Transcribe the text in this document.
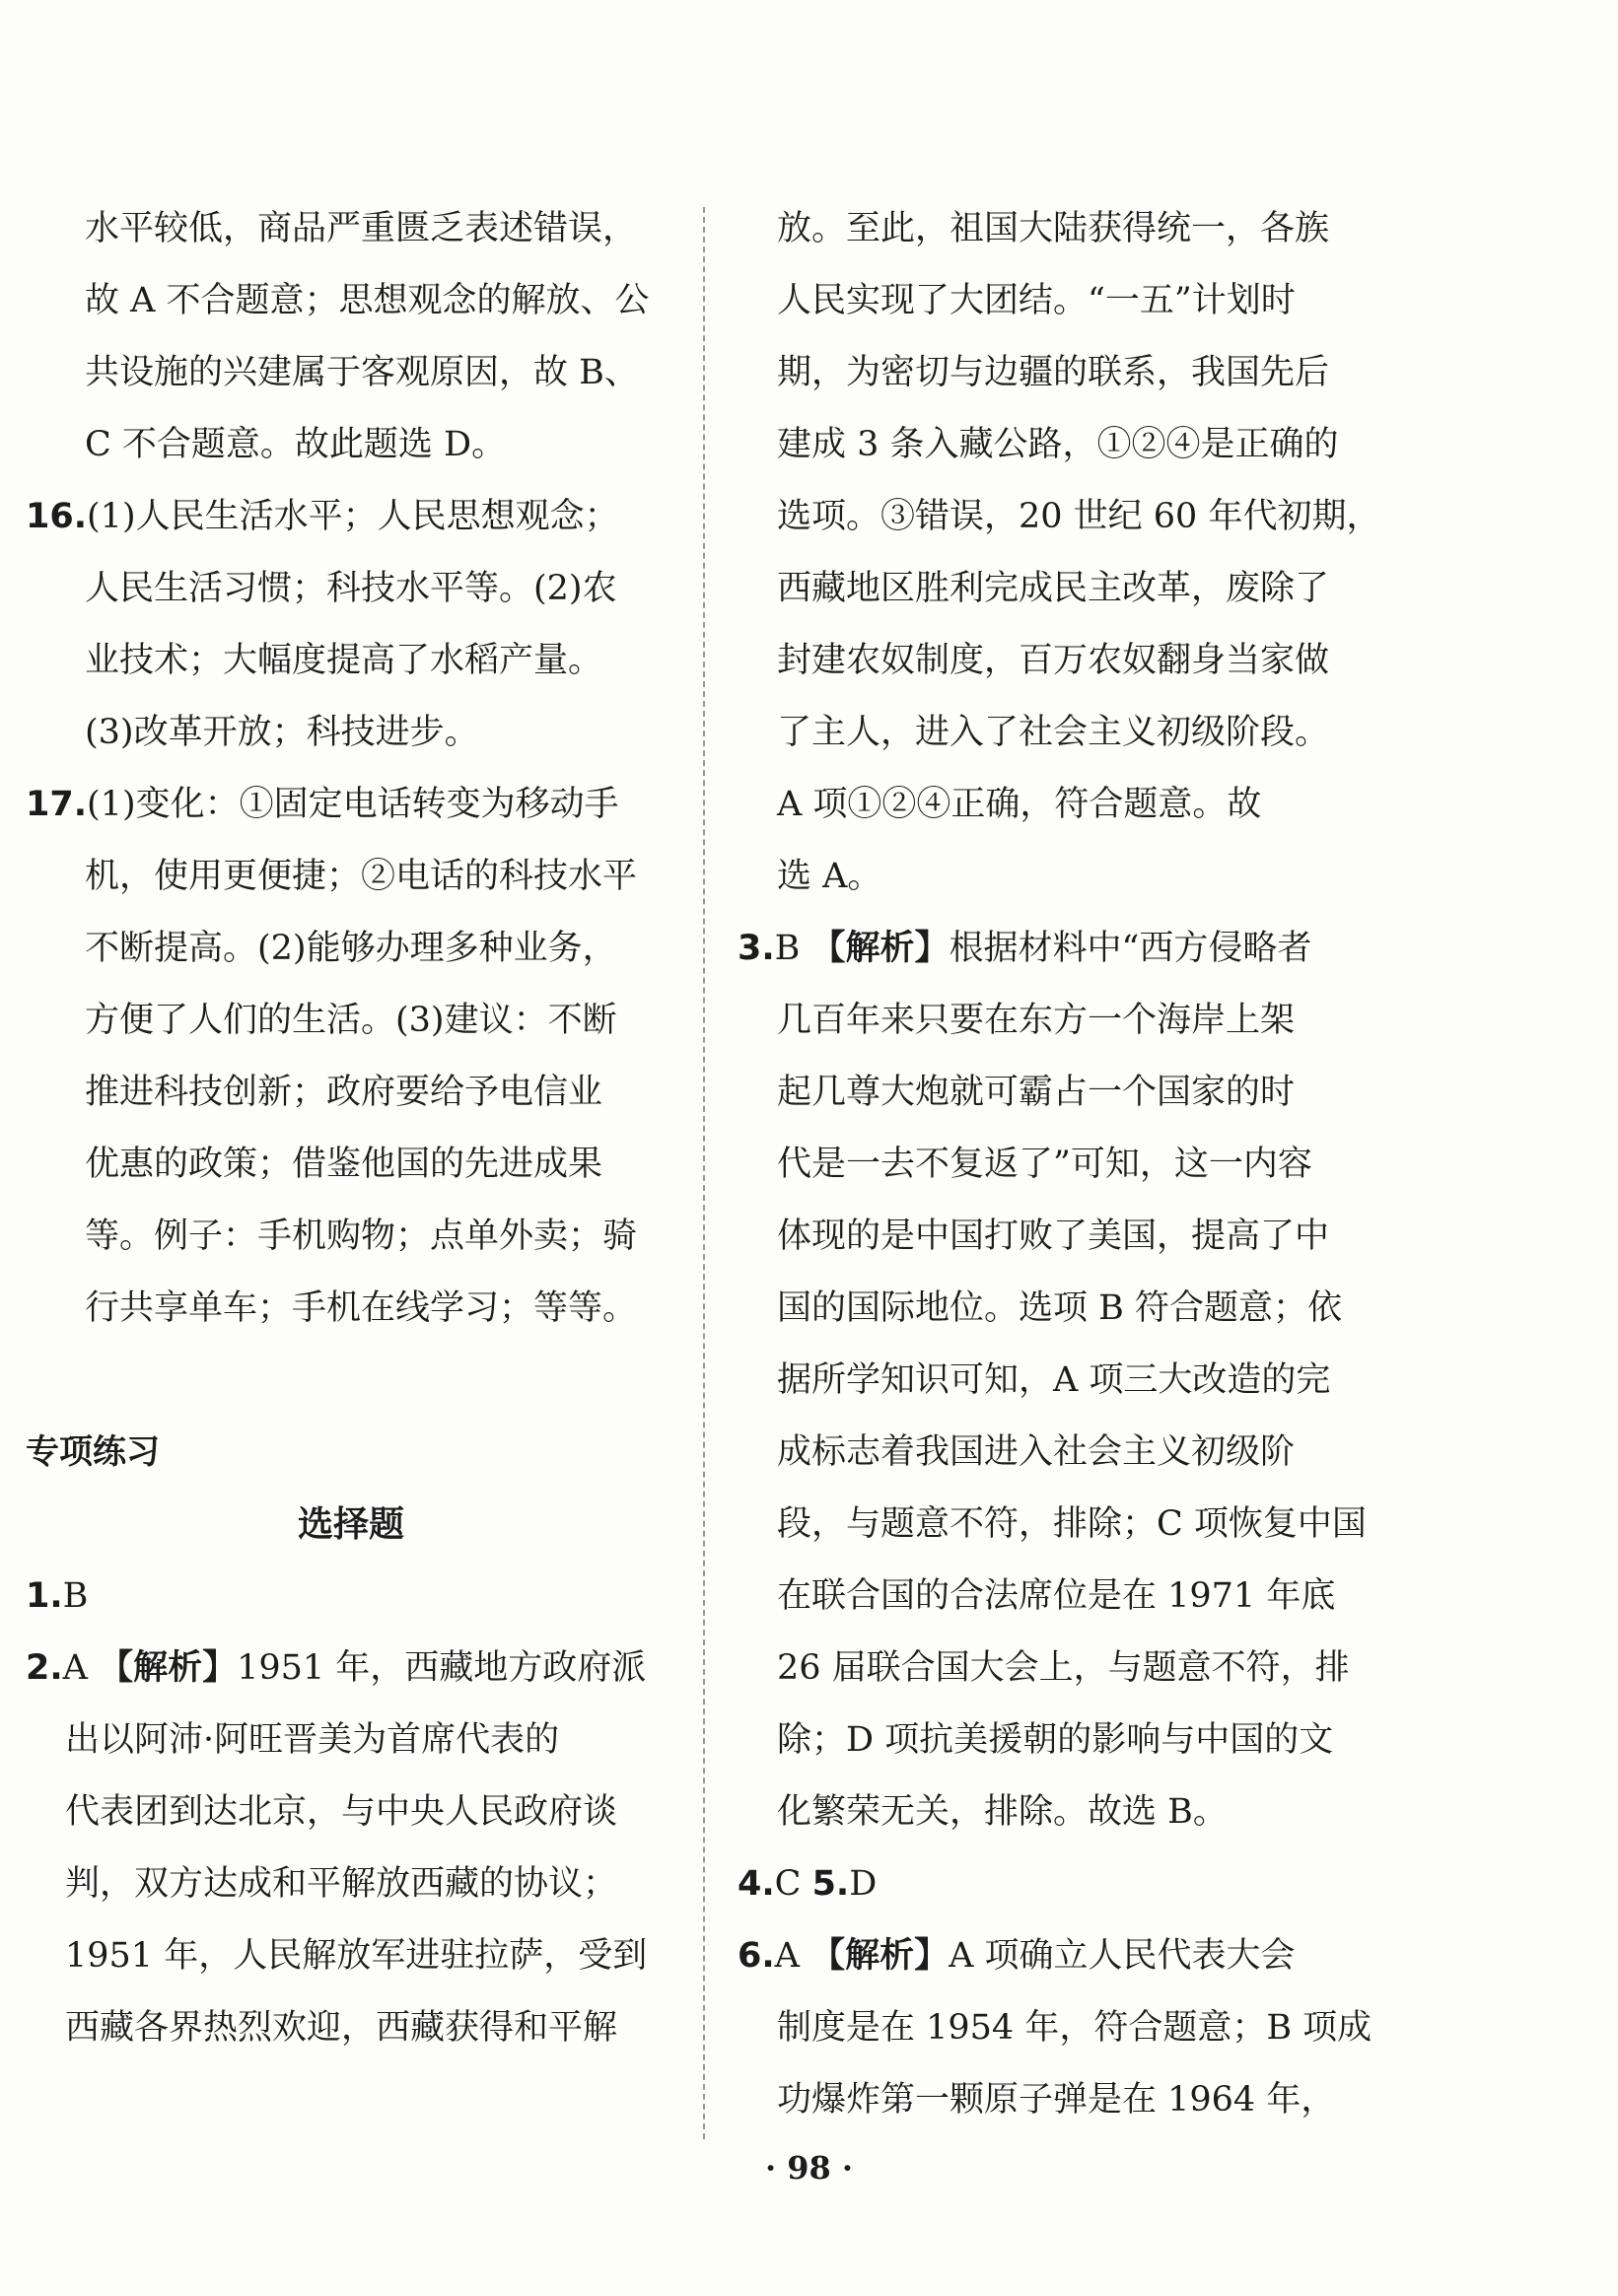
水平较低，商品严重匮乏表述错误，
故 A 不合题意；思想观念的解放、公
共设施的兴建属于客观原因，故 B、
C 不合题意。故此题选 D。
16.(1)人民生活水平；人民思想观念；
人民生活习惯；科技水平等。(2)农
业技术；大幅度提高了水稻产量。
(3)改革开放；科技进步。
17.(1)变化：①固定电话转变为移动手
机，使用更便捷；②电话的科技水平
不断提高。(2)能够办理多种业务，
方便了人们的生活。(3)建议：不断
推进科技创新；政府要给予电信业
优惠的政策；借鉴他国的先进成果
等。例子：手机购物；点单外卖；骑
行共享单车；手机在线学习；等等。
专项练习
选择题
1.B
2.A 【解析】1951 年，西藏地方政府派
出以阿沛·阿旺晋美为首席代表的
代表团到达北京，与中央人民政府谈
判，双方达成和平解放西藏的协议；
1951 年，人民解放军进驻拉萨，受到
西藏各界热烈欢迎，西藏获得和平解
放。至此，祖国大陆获得统一，各族
人民实现了大团结。“一五”计划时
期，为密切与边疆的联系，我国先后
建成 3 条入藏公路，①②④是正确的
选项。③错误，20 世纪 60 年代初期，
西藏地区胜利完成民主改革，废除了
封建农奴制度，百万农奴翻身当家做
了主人，进入了社会主义初级阶段。
A 项①②④正确，符合题意。故
选 A。
3.B 【解析】根据材料中“西方侵略者
几百年来只要在东方一个海岸上架
起几尊大炮就可霸占一个国家的时
代是一去不复返了”可知，这一内容
体现的是中国打败了美国，提高了中
国的国际地位。选项 B 符合题意；依
据所学知识可知，A 项三大改造的完
成标志着我国进入社会主义初级阶
段，与题意不符，排除；C 项恢复中国
在联合国的合法席位是在 1971 年底
26 届联合国大会上，与题意不符，排
除；D 项抗美援朝的影响与中国的文
化繁荣无关，排除。故选 B。
4.C 5.D
6.A 【解析】A 项确立人民代表大会
制度是在 1954 年，符合题意；B 项成
功爆炸第一颗原子弹是在 1964 年，
· 98 ·
